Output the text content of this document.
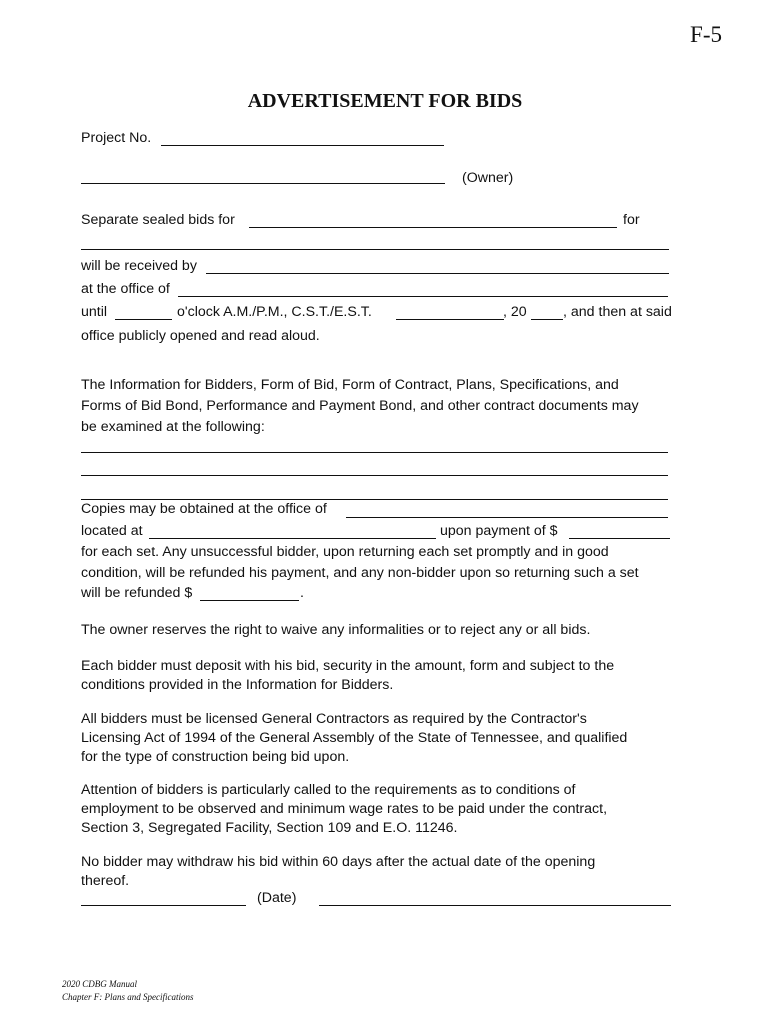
F-5
ADVERTISEMENT FOR BIDS
Project No.
(Owner)
Separate sealed bids for	for
will be received by
at the office of
until	o'clock A.M./P.M., C.S.T./E.S.T.	, 20	, and then at said
office publicly opened and read aloud.
The Information for Bidders, Form of Bid, Form of Contract, Plans, Specifications, and
Forms of Bid Bond, Performance and Payment Bond, and other contract documents may
be examined at the following:
Copies may be obtained at the office of
located at	upon payment of $
for each set. Any unsuccessful bidder, upon returning each set promptly and in good
condition, will be refunded his payment, and any non-bidder upon so returning such a set
will be refunded $	.
The owner reserves the right to waive any informalities or to reject any or all bids.
Each bidder must deposit with his bid, security in the amount, form and subject to the
conditions provided in the Information for Bidders.
All bidders must be licensed General Contractors as required by the Contractor's
Licensing Act of 1994 of the General Assembly of the State of Tennessee, and qualified
for the type of construction being bid upon.
Attention of bidders is particularly called to the requirements as to conditions of
employment to be observed and minimum wage rates to be paid under the contract,
Section 3, Segregated Facility, Section 109 and E.O. 11246.
No bidder may withdraw his bid within 60 days after the actual date of the opening
thereof.
(Date)
2020 CDBG Manual
Chapter F: Plans and Specifications
